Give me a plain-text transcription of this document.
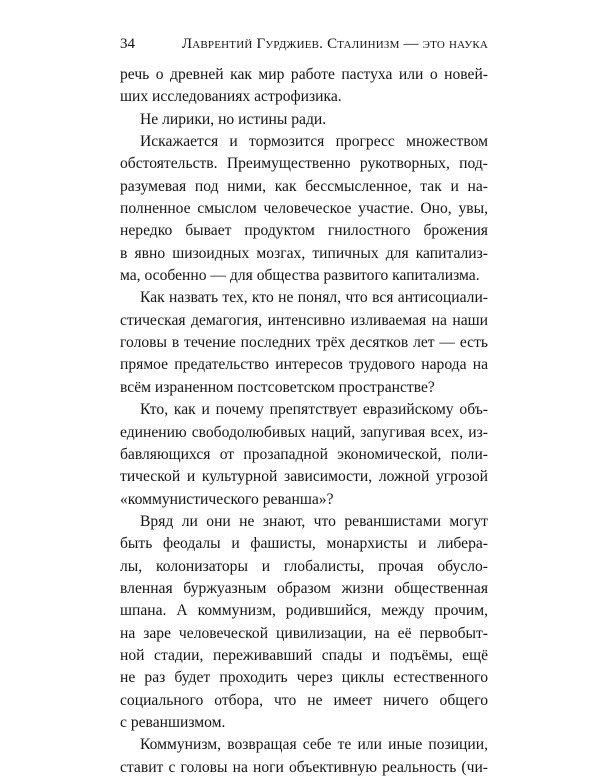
34	Лаврентий Гурджиев. Сталинизм — это наука

речь о древней как мир работе пастуха или о новей-
ших исследованиях астрофизика.

Не лирики, но истины ради.

Искажается и тормозится прогресс множеством
обстоятельств. Преимущественно рукотворных, под-
разумевая под ними, как бессмысленное, так и на-
полненное смыслом человеческое участие. Оно, увы,
нередко бывает продуктом гнилостного брожения
в явно шизоидных мозгах, типичных для капитализ-
ма, особенно — для общества развитого капитализма.

Как назвать тех, кто не понял, что вся антисоциали-
стическая демагогия, интенсивно изливаемая на наши
головы в течение последних трёх десятков лет — есть
прямое предательство интересов трудового народа на
всём израненном постсоветском пространстве?

Кто, как и почему препятствует евразийскому объ-
единению свободолюбивых наций, запугивая всех, из-
бавляющихся от прозападной экономической, поли-
тической и культурной зависимости, ложной угрозой
«коммунистического реванша»?

Вряд ли они не знают, что реваншистами могут
быть феодалы и фашисты, монархисты и либера-
лы, колонизаторы и глобалисты, прочая обусло-
вленная буржуазным образом жизни общественная
шпана. А коммунизм, родившийся, между прочим,
на заре человеческой цивилизации, на её первобыт-
ной стадии, переживавший спады и подъёмы, ещё
не раз будет проходить через циклы естественного
социального отбора, что не имеет ничего общего
с реваншизмом.

Коммунизм, возвращая себе те или иные позиции,
ставит с головы на ноги объективную реальность (чи-
